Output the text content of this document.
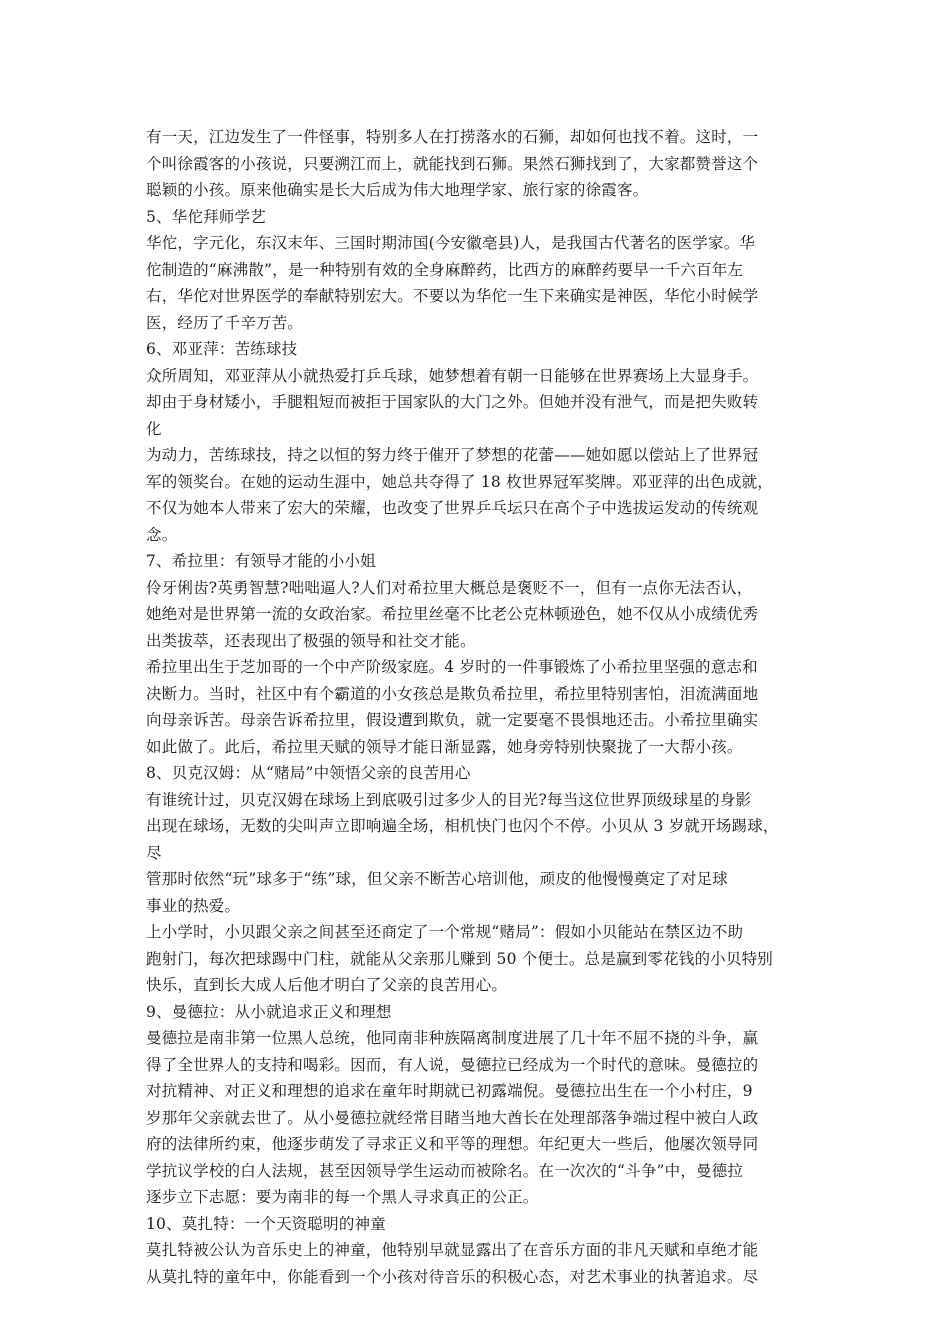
有一天，江边发生了一件怪事，特别多人在打捞落水的石狮，却如何也找不着。这时，一
个叫徐霞客的小孩说，只要溯江而上，就能找到石狮。果然石狮找到了，大家都赞誉这个
聪颖的小孩。原来他确实是长大后成为伟大地理学家、旅行家的徐霞客。
5、华佗拜师学艺
华佗，字元化，东汉末年、三国时期沛国(今安徽亳县)人，是我国古代著名的医学家。华
佗制造的“麻沸散”，是一种特别有效的全身麻醉药，比西方的麻醉药要早一千六百年左
右，华佗对世界医学的奉献特别宏大。不要以为华佗一生下来确实是神医，华佗小时候学
医，经历了千辛万苦。
6、邓亚萍：苦练球技
众所周知，邓亚萍从小就热爱打乒乓球，她梦想着有朝一日能够在世界赛场上大显身手。
却由于身材矮小，手腿粗短而被拒于国家队的大门之外。但她并没有泄气，而是把失败转
化
为动力，苦练球技，持之以恒的努力终于催开了梦想的花蕾——她如愿以偿站上了世界冠
军的领奖台。在她的运动生涯中，她总共夺得了 18 枚世界冠军奖牌。邓亚萍的出色成就，
不仅为她本人带来了宏大的荣耀，也改变了世界乒乓坛只在高个子中选拔运发动的传统观
念。
7、希拉里：有领导才能的小小姐
伶牙俐齿?英勇智慧?咄咄逼人?人们对希拉里大概总是褒贬不一，但有一点你无法否认，
她绝对是世界第一流的女政治家。希拉里丝毫不比老公克林顿逊色，她不仅从小成绩优秀
出类拔萃，还表现出了极强的领导和社交才能。
希拉里出生于芝加哥的一个中产阶级家庭。4 岁时的一件事锻炼了小希拉里坚强的意志和
决断力。当时，社区中有个霸道的小女孩总是欺负希拉里，希拉里特别害怕，泪流满面地
向母亲诉苦。母亲告诉希拉里，假设遭到欺负，就一定要毫不畏惧地还击。小希拉里确实
如此做了。此后，希拉里天赋的领导才能日渐显露，她身旁特别快聚拢了一大帮小孩。
8、贝克汉姆：从“赌局”中领悟父亲的良苦用心
有谁统计过，贝克汉姆在球场上到底吸引过多少人的目光?每当这位世界顶级球星的身影
出现在球场，无数的尖叫声立即响遍全场，相机快门也闪个不停。小贝从 3 岁就开场踢球，
尽
管那时依然“玩”球多于“练”球，但父亲不断苦心培训他，顽皮的他慢慢奠定了对足球
事业的热爱。
上小学时，小贝跟父亲之间甚至还商定了一个常规“赌局”：假如小贝能站在禁区边不助
跑射门，每次把球踢中门柱，就能从父亲那儿赚到 50 个便士。总是赢到零花钱的小贝特别
快乐，直到长大成人后他才明白了父亲的良苦用心。
9、曼德拉：从小就追求正义和理想
曼德拉是南非第一位黑人总统，他同南非种族隔离制度进展了几十年不屈不挠的斗争，赢
得了全世界人的支持和喝彩。因而，有人说，曼德拉已经成为一个时代的意味。曼德拉的
对抗精神、对正义和理想的追求在童年时期就已初露端倪。曼德拉出生在一个小村庄，9
岁那年父亲就去世了。从小曼德拉就经常目睹当地大酋长在处理部落争端过程中被白人政
府的法律所约束，他逐步萌发了寻求正义和平等的理想。年纪更大一些后，他屡次领导同
学抗议学校的白人法规，甚至因领导学生运动而被除名。在一次次的“斗争”中，曼德拉
逐步立下志愿：要为南非的每一个黑人寻求真正的公正。
10、莫扎特：一个天资聪明的神童
莫扎特被公认为音乐史上的神童，他特别早就显露出了在音乐方面的非凡天赋和卓绝才能
从莫扎特的童年中，你能看到一个小孩对待音乐的积极心态，对艺术事业的执著追求。尽
